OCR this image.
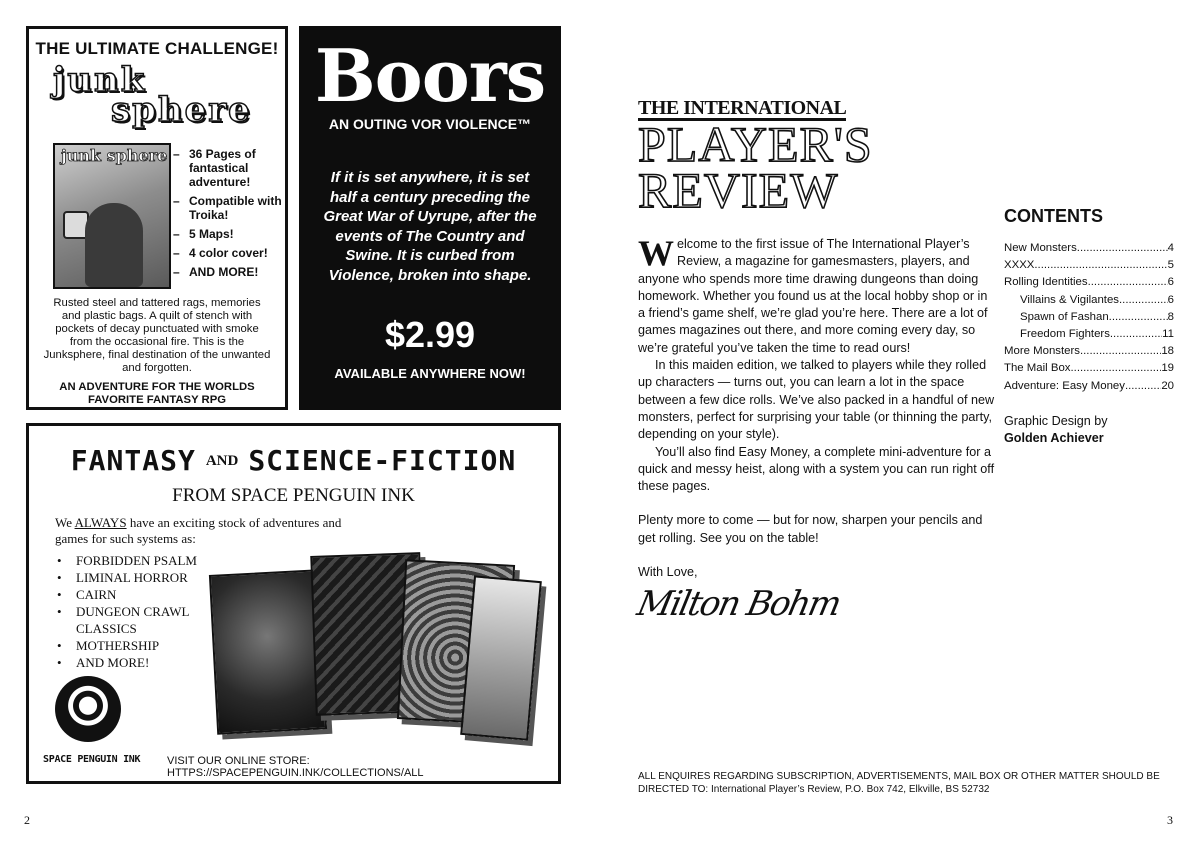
THE ULTIMATE CHALLENGE!
junk
sphere
junk sphere	– 36 Pages of fantastical adventure!
– Compatible with Troika!
– 5 Maps!
– 4 color cover!
– AND MORE!
Rusted steel and tattered rags, memories and plastic bags. A quilt of stench with pockets of decay punctuated with smoke from the occasional fire. This is the Junksphere, final destination of the unwanted and forgotten.
AN ADVENTURE FOR THE WORLDS FAVORITE FANTASY RPG
Boors
AN OUTING VOR VIOLENCE™
If it is set anywhere, it is set half a century preceding the Great War of Uyrupe, after the events of The Country and Swine. It is curbed from Violence, broken into shape.
$2.99
AVAILABLE ANYWHERE NOW!
FANTASY AND SCIENCE-FICTION
FROM SPACE PENGUIN INK
We ALWAYS have an exciting stock of adventures and games for such systems as:
• FORBIDDEN PSALM
• LIMINAL HORROR
• CAIRN
• DUNGEON CRAWL CLASSICS
• MOTHERSHIP
• AND MORE!
SPACE PENGUIN INK VISIT OUR ONLINE STORE: HTTPS://SPACEPENGUIN.INK/COLLECTIONS/ALL
2
THE INTERNATIONAL
PLAYER'S
REVIEW

Welcome to the first issue of The International Player’s Review, a magazine for gamesmasters, players, and anyone who spends more time drawing dungeons than doing homework. Whether you found us at the local hobby shop or in a friend’s game shelf, we’re glad you’re here. There are a lot of games magazines out there, and more coming every day, so we’re grateful you’ve taken the time to read ours!

In this maiden edition, we talked to players while they rolled up characters — turns out, you can learn a lot in the space between a few dice rolls. We’ve also packed in a handful of new monsters, perfect for surprising your table (or thinning the party, depending on your style).

You’ll also find Easy Money, a complete mini-adventure for a quick and messy heist, along with a system you can run right off these pages.

Plenty more to come — but for now, sharpen your pencils and get rolling. See you on the table!

With Love,

Milton Bohm
CONTENTS
New Monsters .....	4
XXXX .....	5
Rolling Identities .....	6
Villains & Vigilantes .....	6
Spawn of Fashan .....	8
Freedom Fighters .....	11
More Monsters .....	18
The Mail Box .....	19
Adventure: Easy Money .....	20
Graphic Design by
Golden Achiever
ALL ENQUIRES REGARDING SUBSCRIPTION, ADVERTISEMENTS, MAIL BOX OR OTHER MATTER SHOULD BE DIRECTED TO: International Player’s Review, P.O. Box 742, Elkville, BS 52732
3
